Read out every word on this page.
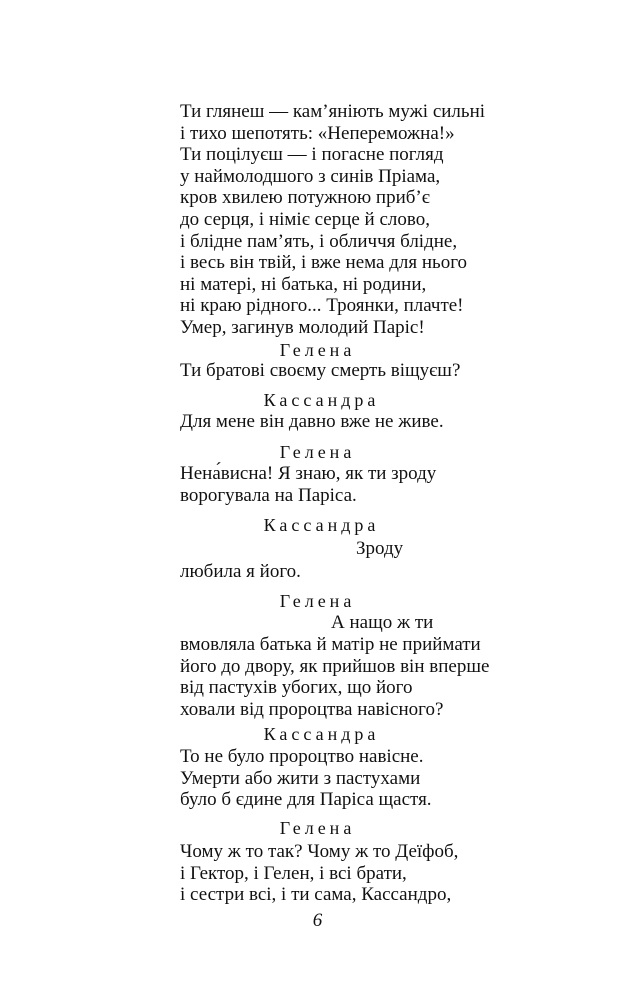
Ти глянеш — кам’яніють мужі сильні
і тихо шепотять: «Непереможна!»
Ти поцілуєш — і погасне погляд
у наймолодшого з синів Пріама,
кров хвилею потужною приб’є
до серця, і німіє серце й слово,
і блідне пам’ять, і обличчя блідне,
і весь він твій, і вже нема для нього
ні матері, ні батька, ні родини,
ні краю рідного... Троянки, плачте!
Умер, загинув молодий Паріс!
Гелена
Ти братові своєму смерть віщуєш?
Кассандра
Для мене він давно вже не живе.
Гелена
Нена́висна! Я знаю, як ти зроду
ворогувала на Паріса.
Кассандра
Зроду
любила я його.
Гелена
А нащо ж ти
вмовляла батька й матір не приймати
його до двору, як прийшов він вперше
від пастухів убогих, що його
ховали від пророцтва навісного?
Кассандра
То не було пророцтво навісне.
Умерти або жити з пастухами
було б єдине для Паріса щастя.
Гелена
Чому ж то так? Чому ж то Деїфоб,
і Гектор, і Гелен, і всі брати,
і сестри всі, і ти сама, Кассандро,
6
